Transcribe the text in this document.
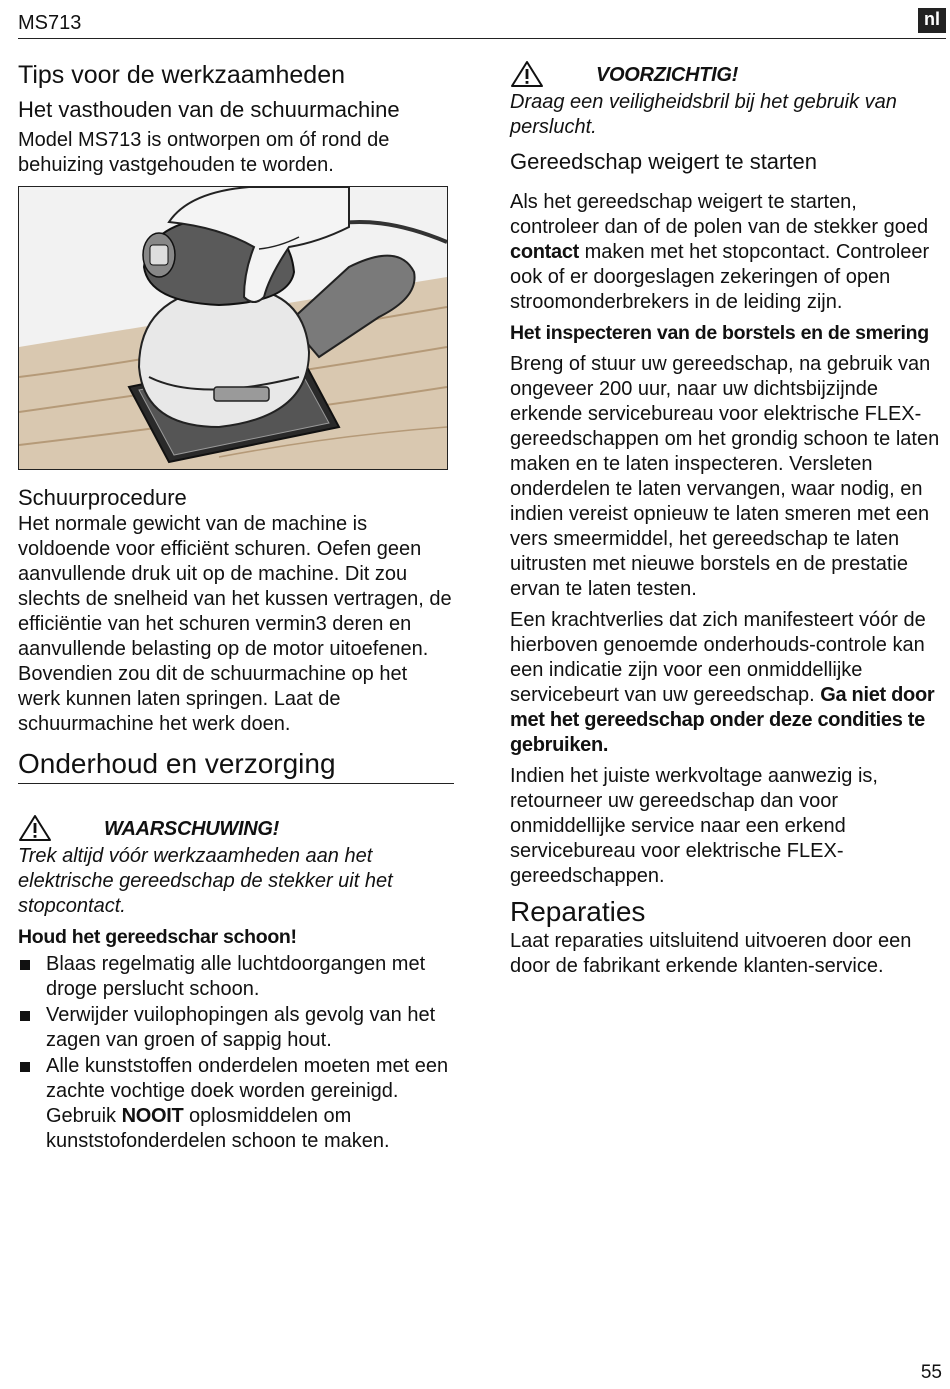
MS713	nl
Tips voor de werkzaamheden
Het vasthouden van de schuurmachine

Model MS713 is ontworpen om óf rond de behuizing vastgehouden te worden.

Schuurprocedure

Het normale gewicht van de machine is voldoende voor efficiënt schuren. Oefen geen aanvullende druk uit op de machine. Dit zou slechts de snelheid van het kussen vertragen, de efficiëntie van het schuren vermin3 deren en aanvullende belasting op de motor uitoefenen. Bovendien zou dit de schuurmachine op het werk kunnen laten springen. Laat de schuurmachine het werk doen.

Onderhoud en verzorging
WAARSCHUWING!
Trek altijd vóór werkzaamheden aan het elektrische gereedschap de stekker uit het stopcontact.
Houd het gereedschar schoon!
Blaas regelmatig alle luchtdoorgangen met droge perslucht schoon.
Verwijder vuilophopingen als gevolg van het zagen van groen of sappig hout.
Alle kunststoffen onderdelen moeten met een zachte vochtige doek worden gereinigd. Gebruik NOOIT oplosmiddelen om kunststofonderdelen schoon te maken.
VOORZICHTIG!
Draag een veiligheidsbril bij het gebruik van perslucht.
Gereedschap weigert te starten

Als het gereedschap weigert te starten, controleer dan of de polen van de stekker goed contact maken met het stopcontact. Controleer ook of er doorgeslagen zekeringen of open stroomonderbrekers in de leiding zijn.

Het inspecteren van de borstels en de smering

Breng of stuur uw gereedschap, na gebruik van ongeveer 200 uur, naar uw dichtsbijzijnde erkende servicebureau voor elektrische FLEX-gereedschappen om het grondig schoon te laten maken en te laten inspecteren. Versleten onderdelen te laten vervangen, waar nodig, en indien vereist opnieuw te laten smeren met een vers smeermiddel, het gereedschap te laten uitrusten met nieuwe borstels en de prestatie ervan te laten testen.

Een krachtverlies dat zich manifesteert vóór de hierboven genoemde onderhouds-controle kan een indicatie zijn voor een onmiddellijke servicebeurt van uw gereedschap. Ga niet door met het gereedschap onder deze condities te gebruiken.

Indien het juiste werkvoltage aanwezig is, retourneer uw gereedschap dan voor onmiddellijke service naar een erkend servicebureau voor elektrische FLEX-gereedschappen.

Reparaties

Laat reparaties uitsluitend uitvoeren door een door de fabrikant erkende klanten-service.

55
